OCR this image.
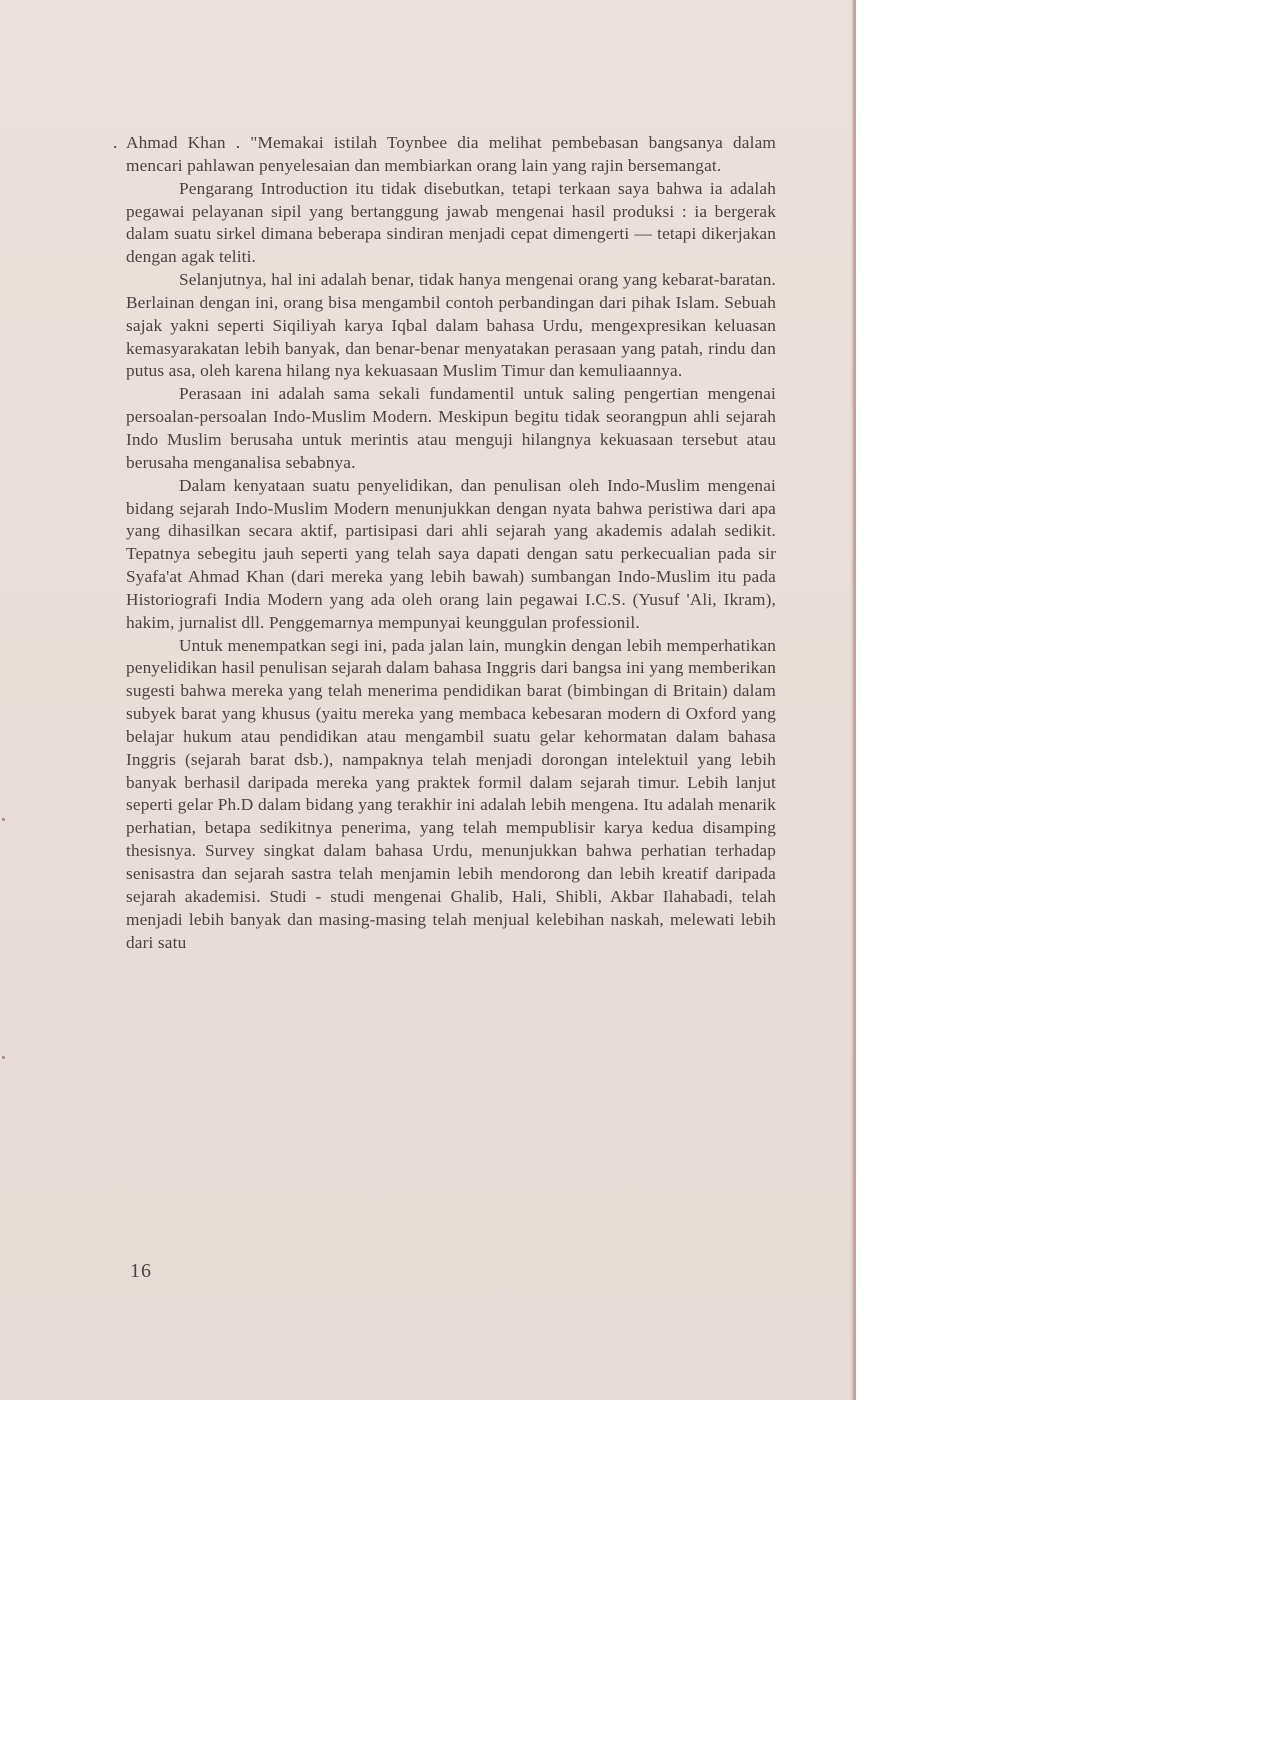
. Ahmad Khan . "Memakai istilah Toynbee dia melihat pembebasan bangsanya dalam mencari pahlawan penyelesaian dan membiarkan orang lain yang rajin bersemangat.

Pengarang Introduction itu tidak disebutkan, tetapi terkaan saya bahwa ia adalah pegawai pelayanan sipil yang bertanggung jawab mengenai hasil produksi : ia bergerak dalam suatu sirkel dimana beberapa sindiran menjadi cepat dimengerti — tetapi dikerjakan dengan agak teliti.

Selanjutnya, hal ini adalah benar, tidak hanya mengenai orang yang kebarat-baratan. Berlainan dengan ini, orang bisa mengambil contoh perbandingan dari pihak Islam. Sebuah sajak yakni seperti Siqiliyah karya Iqbal dalam bahasa Urdu, mengexpresikan keluasan kemasyarakatan lebih banyak, dan benar-benar menyatakan perasaan yang patah, rindu dan putus asa, oleh karena hilang nya kekuasaan Muslim Timur dan kemuliaannya.

Perasaan ini adalah sama sekali fundamentil untuk saling pengertian mengenai persoalan-persoalan Indo-Muslim Modern. Meskipun begitu tidak seorangpun ahli sejarah Indo Muslim berusaha untuk merintis atau menguji hilangnya kekuasaan tersebut atau berusaha menganalisa sebabnya.

Dalam kenyataan suatu penyelidikan, dan penulisan oleh Indo-Muslim mengenai bidang sejarah Indo-Muslim Modern menunjukkan dengan nyata bahwa peristiwa dari apa yang dihasilkan secara aktif, partisipasi dari ahli sejarah yang akademis adalah sedikit. Tepatnya sebegitu jauh seperti yang telah saya dapati dengan satu perkecualian pada sir Syafa'at Ahmad Khan (dari mereka yang lebih bawah) sumbangan Indo-Muslim itu pada Historiografi India Modern yang ada oleh orang lain pegawai I.C.S. (Yusuf 'Ali, Ikram), hakim, jurnalist dll. Penggemarnya mempunyai keunggulan professionil.

Untuk menempatkan segi ini, pada jalan lain, mungkin dengan lebih memperhatikan penyelidikan hasil penulisan sejarah dalam bahasa Inggris dari bangsa ini yang memberikan sugesti bahwa mereka yang telah menerima pendidikan barat (bimbingan di Britain) dalam subyek barat yang khusus (yaitu mereka yang membaca kebesaran modern di Oxford yang belajar hukum atau pendidikan atau mengambil suatu gelar kehormatan dalam bahasa Inggris (sejarah barat dsb.), nampaknya telah menjadi dorongan intelektuil yang lebih banyak berhasil daripada mereka yang praktek formil dalam sejarah timur. Lebih lanjut seperti gelar Ph.D dalam bidang yang terakhir ini adalah lebih mengena. Itu adalah menarik perhatian, betapa sedikitnya penerima, yang telah mempublisir karya kedua disamping thesisnya. Survey singkat dalam bahasa Urdu, menunjukkan bahwa perhatian terhadap senisastra dan sejarah sastra telah menjamin lebih mendorong dan lebih kreatif daripada sejarah akademisi. Studi - studi mengenai Ghalib, Hali, Shibli, Akbar Ilahabadi, telah menjadi lebih banyak dan masing-masing telah menjual kelebihan naskah, melewati lebih dari satu

16
